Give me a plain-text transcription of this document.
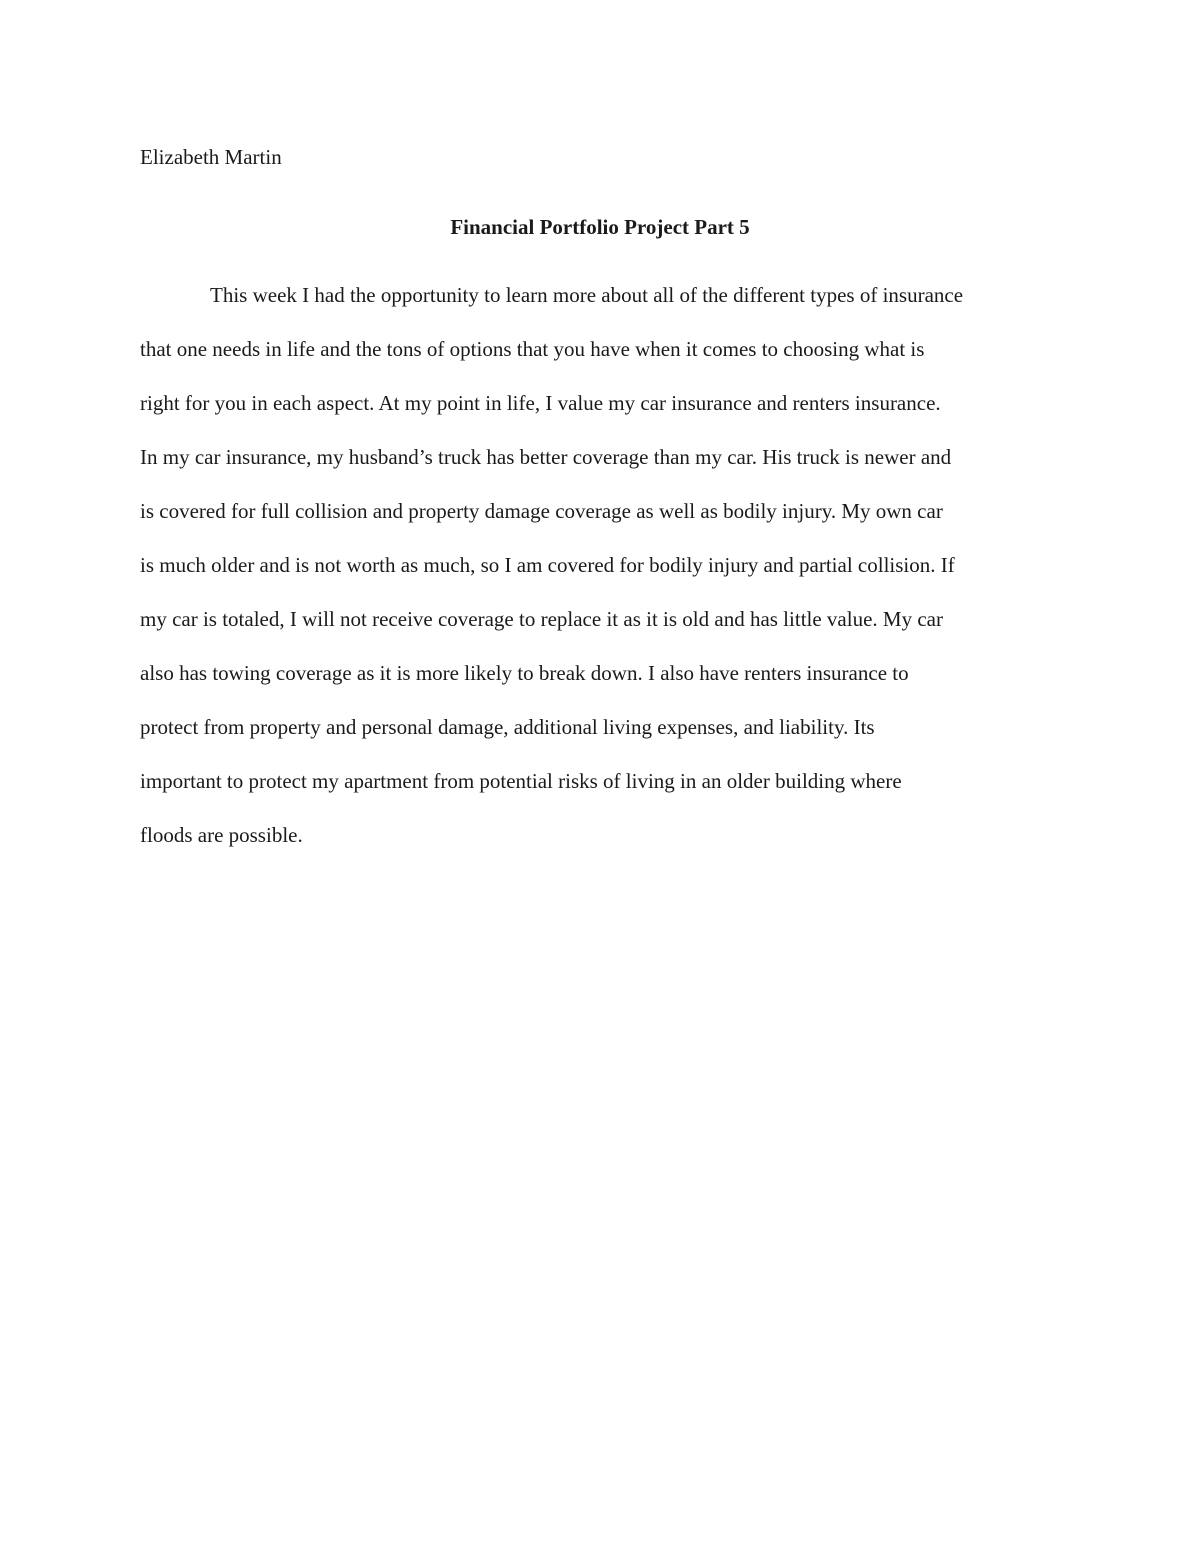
Elizabeth Martin

Financial Portfolio Project Part 5
This week I had the opportunity to learn more about all of the different types of insurance
that one needs in life and the tons of options that you have when it comes to choosing what is
right for you in each aspect. At my point in life, I value my car insurance and renters insurance.
In my car insurance, my husband’s truck has better coverage than my car. His truck is newer and
is covered for full collision and property damage coverage as well as bodily injury. My own car
is much older and is not worth as much, so I am covered for bodily injury and partial collision. If
my car is totaled, I will not receive coverage to replace it as it is old and has little value. My car
also has towing coverage as it is more likely to break down. I also have renters insurance to
protect from property and personal damage, additional living expenses, and liability. Its
important to protect my apartment from potential risks of living in an older building where
floods are possible.
